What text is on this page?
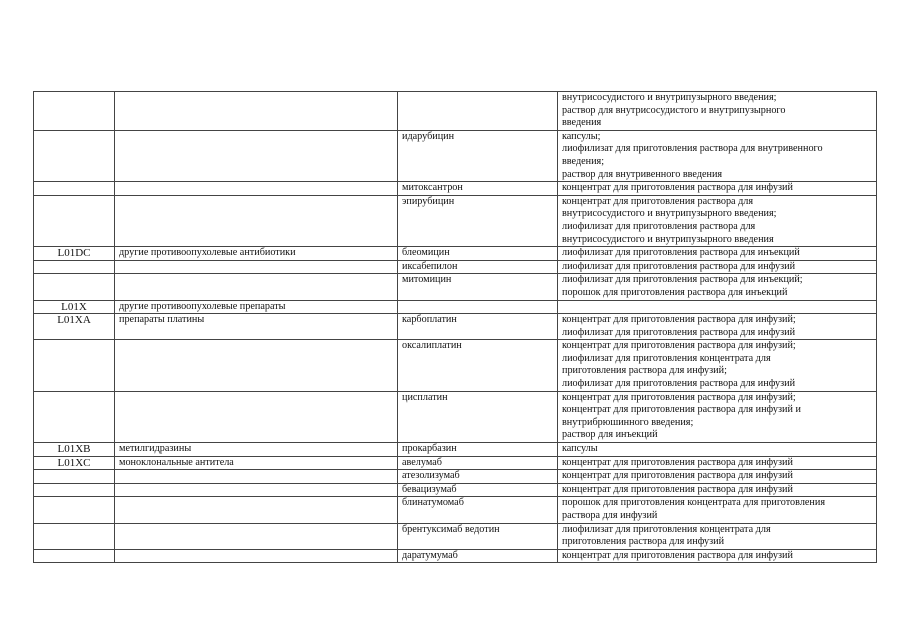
			внутрисосудистого и внутрипузырного введения;
раствор для внутрисосудистого и внутрипузырного
введения
		идарубицин	капсулы;
лиофилизат для приготовления раствора для внутривенного
введения;
раствор для внутривенного введения
		митоксантрон	концентрат для приготовления раствора для инфузий
		эпирубицин	концентрат для приготовления раствора для
внутрисосудистого и внутрипузырного введения;
лиофилизат для приготовления раствора для
внутрисосудистого и внутрипузырного введения
L01DC	другие противоопухолевые антибиотики	блеомицин	лиофилизат для приготовления раствора для инъекций
		иксабепилон	лиофилизат для приготовления раствора для инфузий
		митомицин	лиофилизат для приготовления раствора для инъекций;
порошок для приготовления раствора для инъекций
L01X	другие противоопухолевые препараты		
L01XA	препараты платины	карбоплатин	концентрат для приготовления раствора для инфузий;
лиофилизат для приготовления раствора для инфузий
		оксалиплатин	концентрат для приготовления раствора для инфузий;
лиофилизат для приготовления концентрата для
приготовления раствора для инфузий;
лиофилизат для приготовления раствора для инфузий
		цисплатин	концентрат для приготовления раствора для инфузий;
концентрат для приготовления раствора для инфузий и
внутрибрюшинного введения;
раствор для инъекций
L01XB	метилгидразины	прокарбазин	капсулы
L01XC	моноклональные антитела	авелумаб	концентрат для приготовления раствора для инфузий
		атезолизумаб	концентрат для приготовления раствора для инфузий
		бевацизумаб	концентрат для приготовления раствора для инфузий
		блинатумомаб	порошок для приготовления концентрата для приготовления
раствора для инфузий
		брентуксимаб ведотин	лиофилизат для приготовления концентрата для
приготовления раствора для инфузий
		даратумумаб	концентрат для приготовления раствора для инфузий
